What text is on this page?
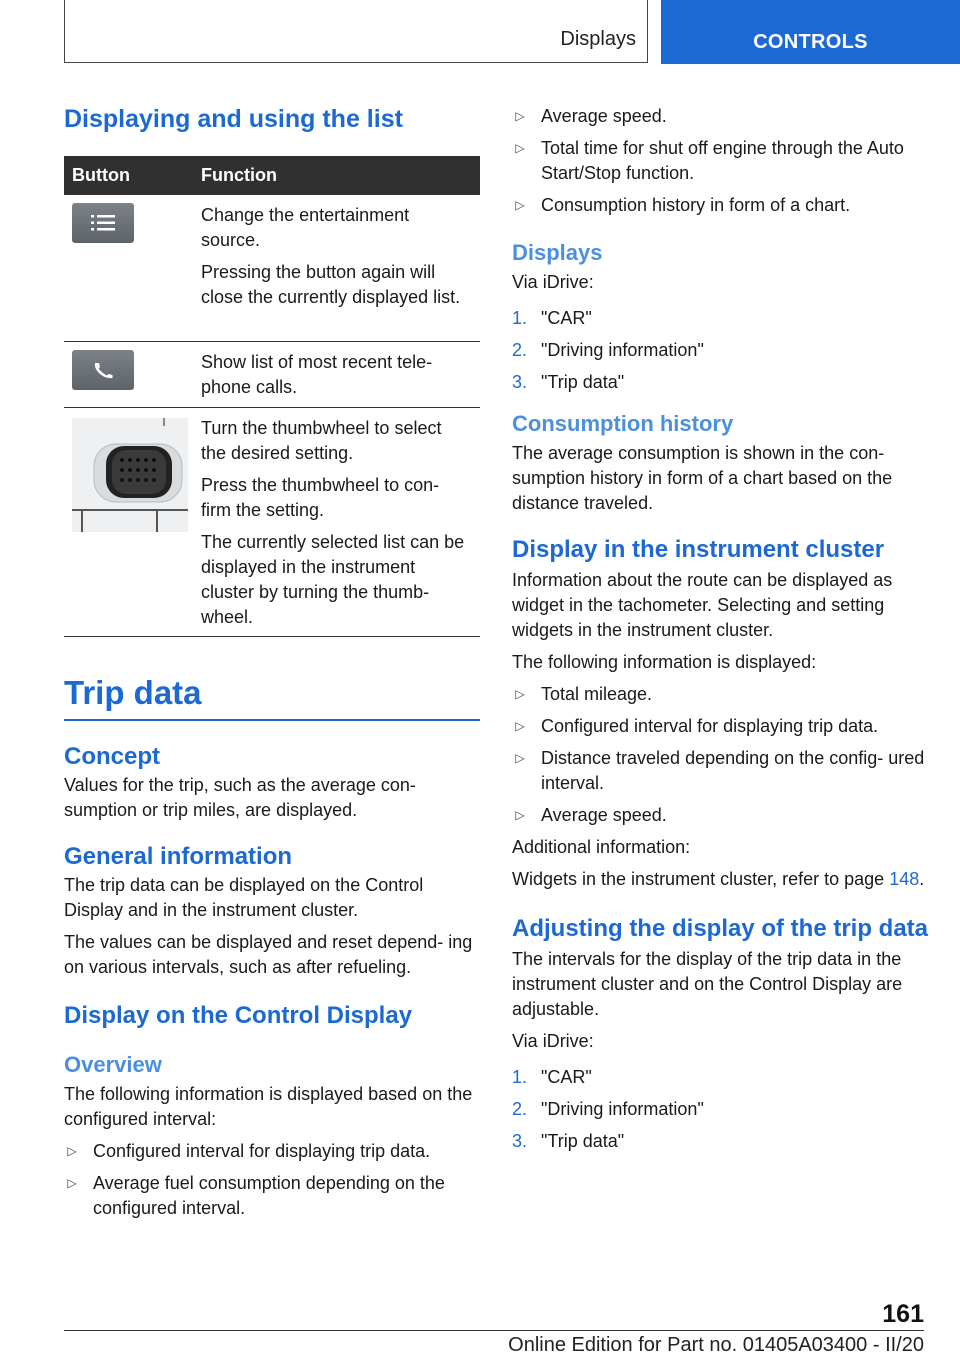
Displays	CONTROLS
Displaying and using the list
Button	Function

Change the entertainment source.

Pressing the button again will close the currently displayed list.

Show list of most recent tele- phone calls.

Turn the thumbwheel to select the desired setting.

Press the thumbwheel to con- firm the setting.

The currently selected list can be displayed in the instrument cluster by turning the thumb- wheel.

Trip data
Concept

Values for the trip, such as the average con- sumption or trip miles, are displayed.

General information

The trip data can be displayed on the Control Display and in the instrument cluster.

The values can be displayed and reset depend- ing on various intervals, such as after refueling.

Display on the Control Display
Overview

The following information is displayed based on the configured interval:

▷ Configured interval for displaying trip data.
▷ Average fuel consumption depending on the configured interval.
▷ Average speed.
▷ Total time for shut off engine through the Auto Start/Stop function.
▷ Consumption history in form of a chart.
Displays

Via iDrive:

1. "CAR"
2. "Driving information"
3. "Trip data"
Consumption history

The average consumption is shown in the con- sumption history in form of a chart based on the distance traveled.

Display in the instrument cluster

Information about the route can be displayed as widget in the tachometer. Selecting and setting widgets in the instrument cluster.

The following information is displayed:

▷ Total mileage.
▷ Configured interval for displaying trip data.
▷ Distance traveled depending on the config- ured interval.
▷ Average speed.

Additional information:

Widgets in the instrument cluster, refer to page 148.

Adjusting the display of the trip data

The intervals for the display of the trip data in the instrument cluster and on the Control Display are adjustable.

Via iDrive:

1. "CAR"
2. "Driving information"
3. "Trip data"
161
Online Edition for Part no. 01405A03400 - II/20
